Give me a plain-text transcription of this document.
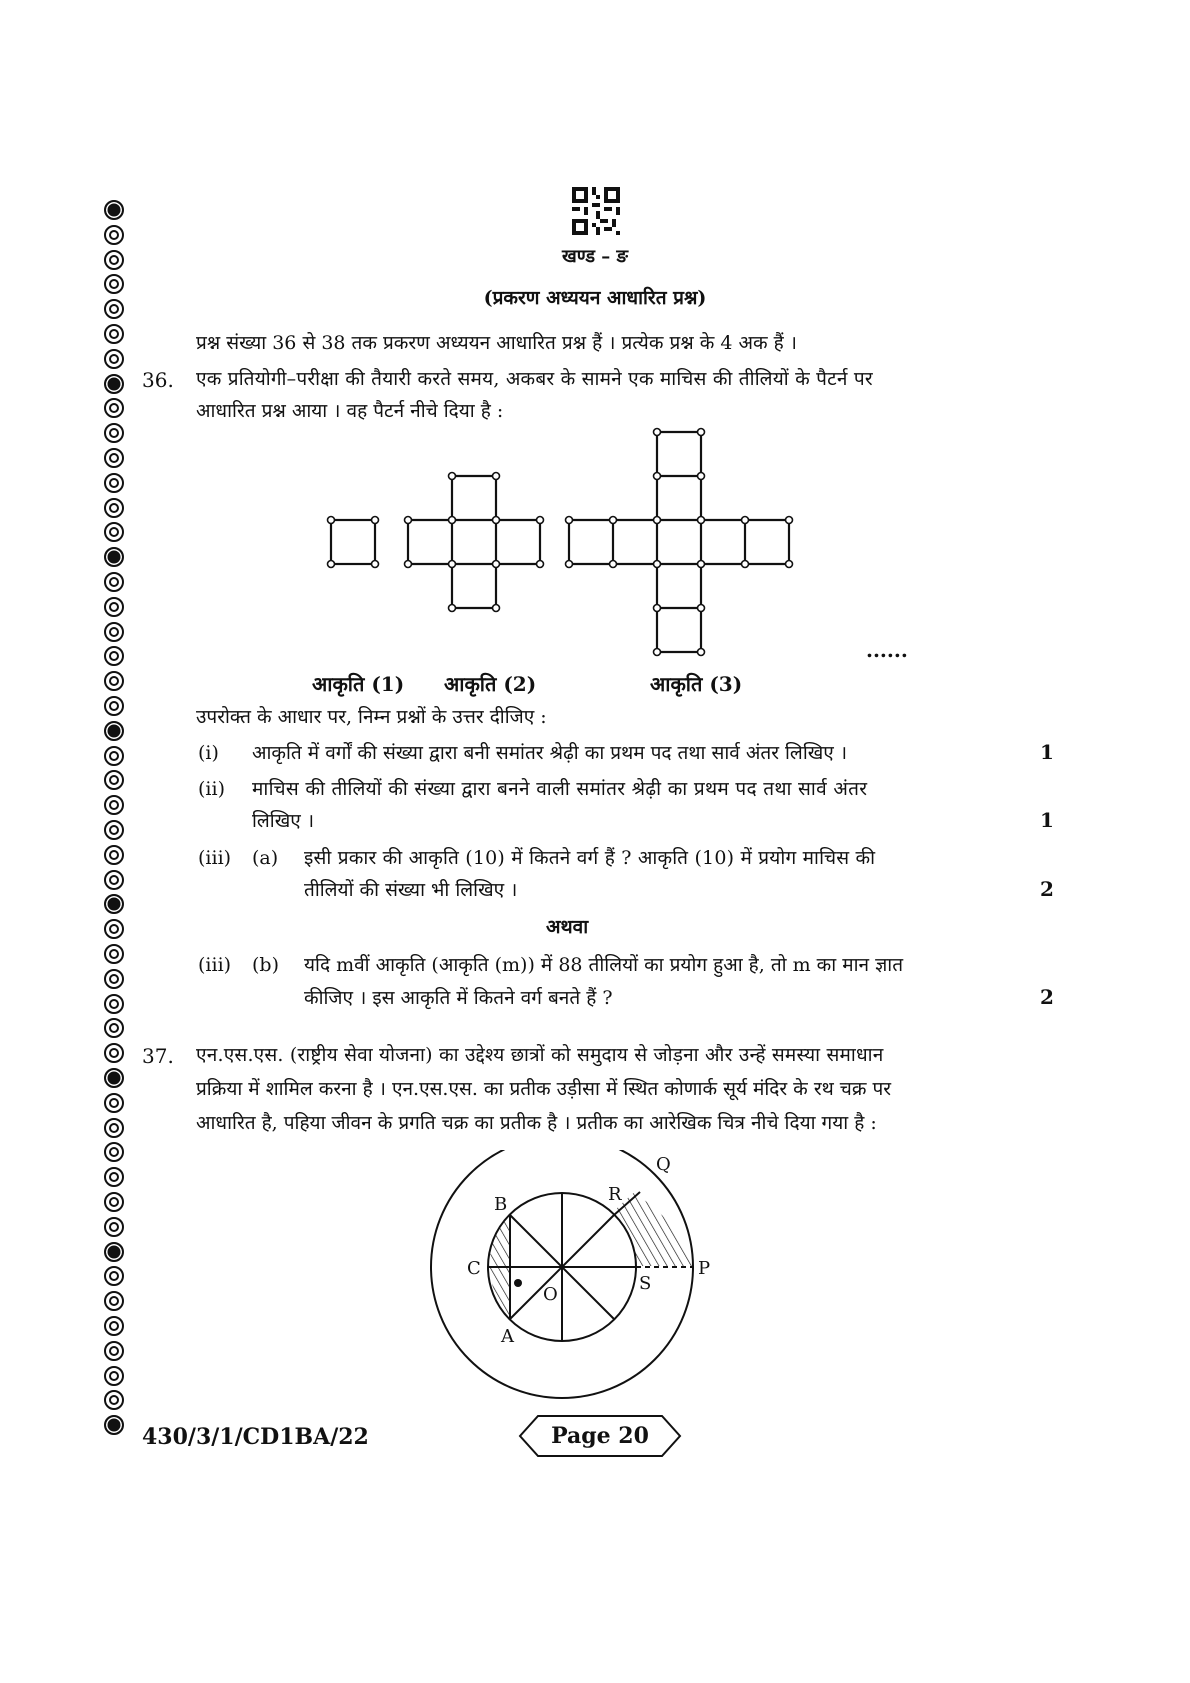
खण्ड – ङ
(प्रकरण अध्ययन आधारित प्रश्न)
प्रश्न संख्या 36 से 38 तक प्रकरण अध्ययन आधारित प्रश्न हैं । प्रत्येक प्रश्न के 4 अक हैं ।
36. एक प्रतियोगी–परीक्षा की तैयारी करते समय, अकबर के सामने एक माचिस की तीलियों के पैटर्न पर
आधारित प्रश्न आया । वह पैटर्न नीचे दिया है :
आकृति (1) आकृति (2)	आकृति (3)
......
उपरोक्त के आधार पर, निम्न प्रश्नों के उत्तर दीजिए :
(i) आकृति में वर्गों की संख्या द्वारा बनी समांतर श्रेढ़ी का प्रथम पद तथा सार्व अंतर लिखिए ।	1
(ii) माचिस की तीलियों की संख्या द्वारा बनने वाली समांतर श्रेढ़ी का प्रथम पद तथा सार्व अंतर
लिखिए ।	1
(iii) (a) इसी प्रकार की आकृति (10) में कितने वर्ग हैं ? आकृति (10) में प्रयोग माचिस की
तीलियों की संख्या भी लिखिए ।	2
अथवा
(iii) (b) यदि mवीं आकृति (आकृति (m)) में 88 तीलियों का प्रयोग हुआ है, तो m का मान ज्ञात
कीजिए । इस आकृति में कितने वर्ग बनते हैं ?	2
37. एन.एस.एस. (राष्ट्रीय सेवा योजना) का उद्देश्य छात्रों को समुदाय से जोड़ना और उन्हें समस्या समाधान
प्रक्रिया में शामिल करना है । एन.एस.एस. का प्रतीक उड़ीसा में स्थित कोणार्क सूर्य मंदिर के रथ चक्र पर
आधारित है, पहिया जीवन के प्रगति चक्र का प्रतीक है । प्रतीक का आरेखिक चित्र नीचे दिया गया है :
Q
R
B
C
O
S
P
A
430/3/1/CD1BA/22	Page 20
